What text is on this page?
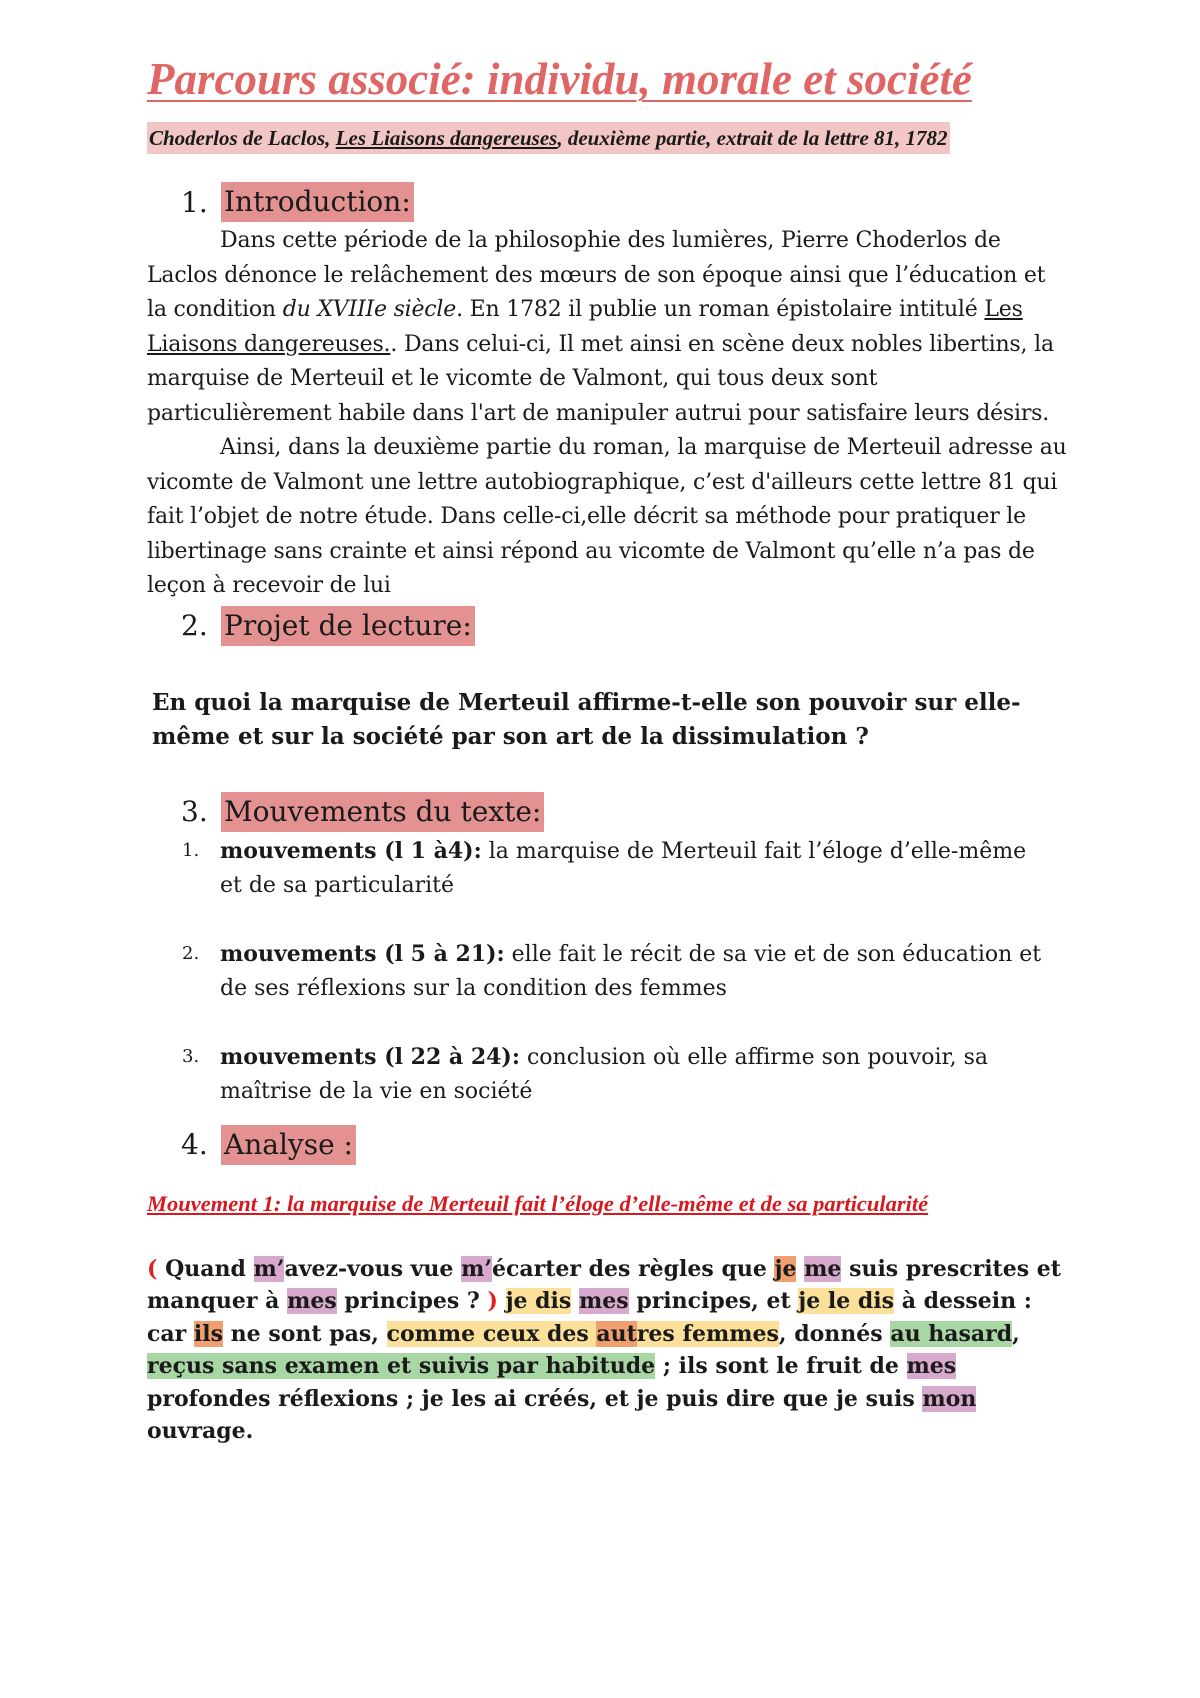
Parcours associé: individu, morale et société
Choderlos de Laclos, Les Liaisons dangereuses, deuxième partie, extrait de la lettre 81, 1782
1. Introduction:

Dans cette période de la philosophie des lumières, Pierre Choderlos de Laclos dénonce le relâchement des mœurs de son époque ainsi que l’éducation et la condition du XVIIIe siècle. En 1782 il publie un roman épistolaire intitulé Les Liaisons dangereuses.. Dans celui-ci, Il met ainsi en scène deux nobles libertins, la marquise de Merteuil et le vicomte de Valmont, qui tous deux sont particulièrement habile dans l'art de manipuler autrui pour satisfaire leurs désirs.

Ainsi, dans la deuxième partie du roman, la marquise de Merteuil adresse au vicomte de Valmont une lettre autobiographique, c’est d'ailleurs cette lettre 81 qui fait l’objet de notre étude. Dans celle-ci,elle décrit sa méthode pour pratiquer le libertinage sans crainte et ainsi répond au vicomte de Valmont qu’elle n’a pas de leçon à recevoir de lui

2. Projet de lecture:

En quoi la marquise de Merteuil affirme-t-elle son pouvoir sur elle-même et sur la société par son art de la dissimulation ?

3. Mouvements du texte:
1. mouvements (l 1 à4): la marquise de Merteuil fait l’éloge d’elle-même et de sa particularité
2. mouvements (l 5 à 21): elle fait le récit de sa vie et de son éducation et de ses réflexions sur la condition des femmes
3. mouvements (l 22 à 24): conclusion où elle affirme son pouvoir, sa maîtrise de la vie en société
4. Analyse :

Mouvement 1: la marquise de Merteuil fait l’éloge d’elle-même et de sa particularité

( Quand m’avez-vous vue m’écarter des règles que je me suis prescrites et manquer à mes principes ? ) je dis mes principes, et je le dis à dessein : car ils ne sont pas, comme ceux des autres femmes, donnés au hasard, reçus sans examen et suivis par habitude ; ils sont le fruit de mes profondes réflexions ; je les ai créés, et je puis dire que je suis mon ouvrage.
